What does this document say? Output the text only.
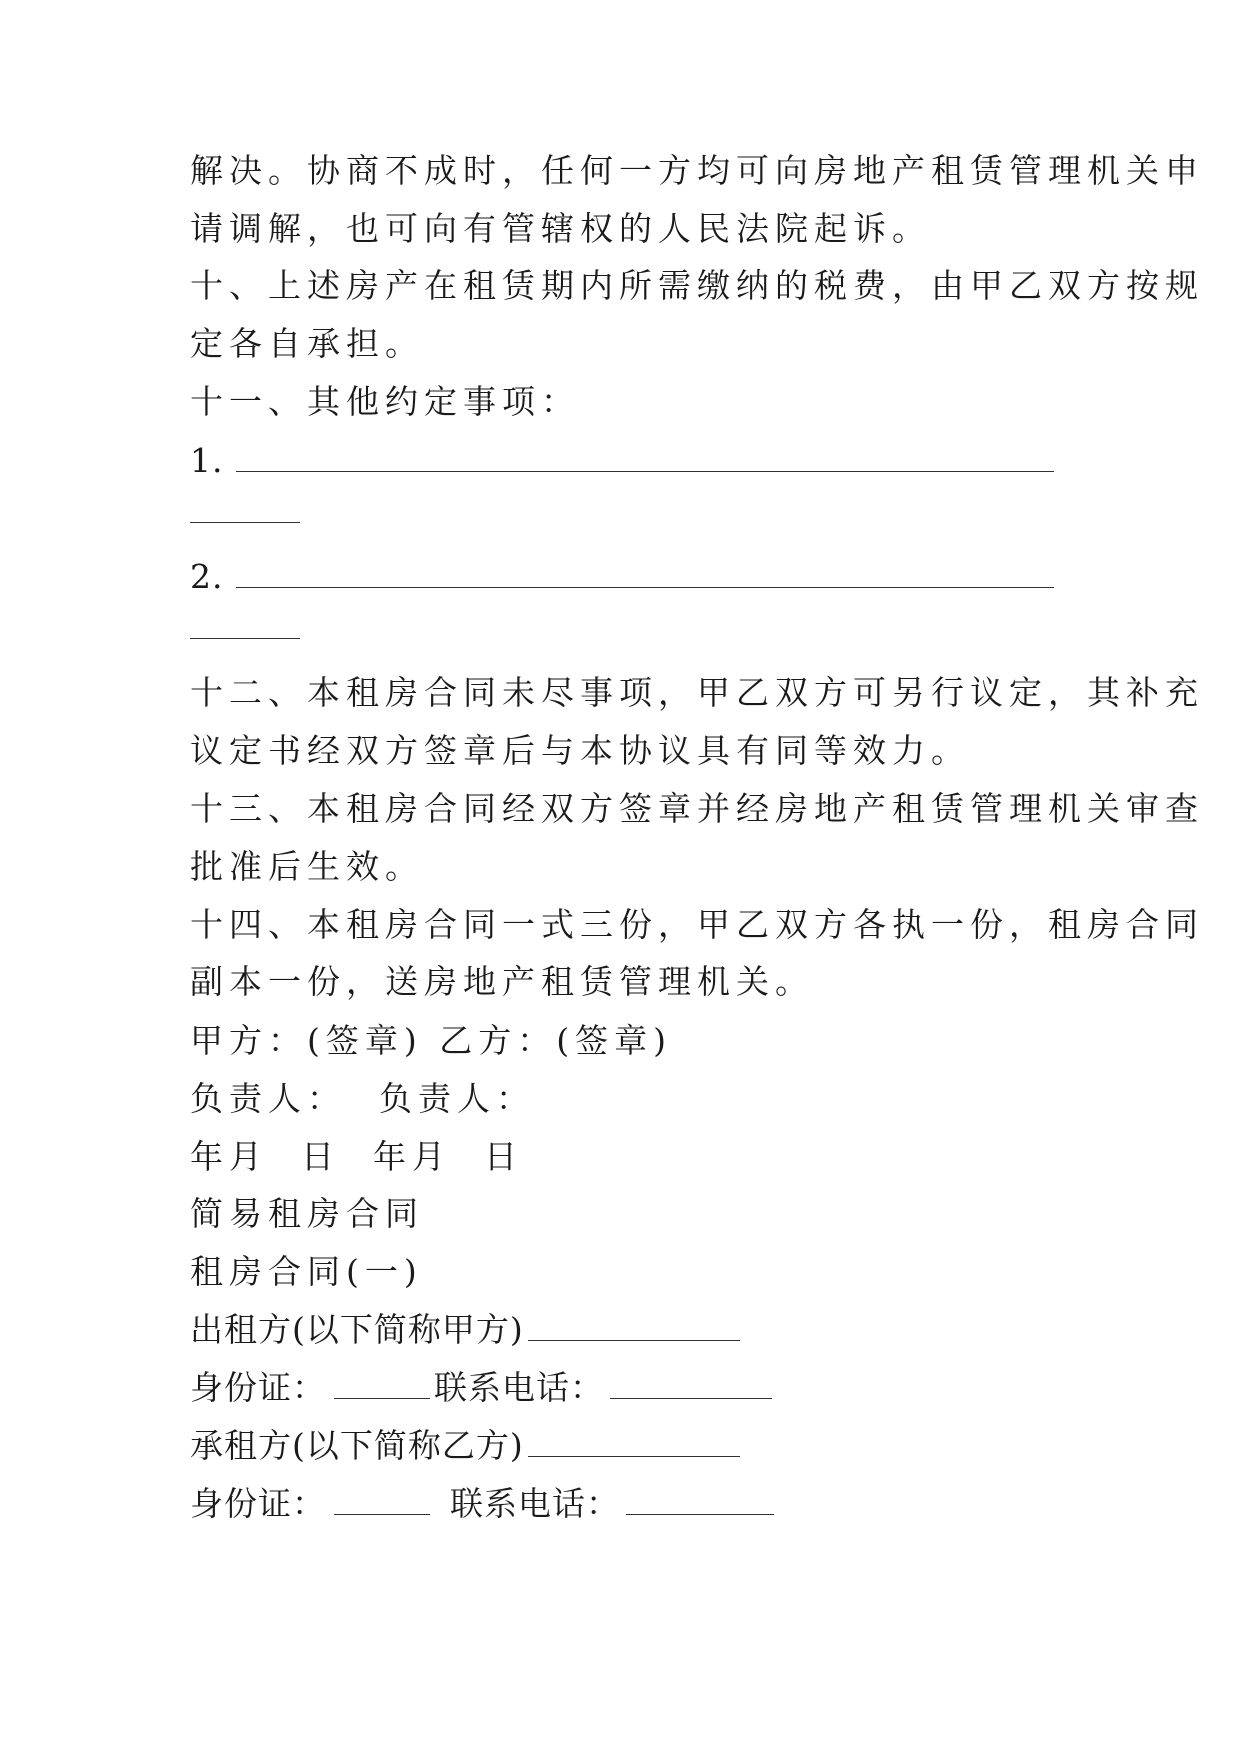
解决。协商不成时，任何一方均可向房地产租赁管理机关申
请调解，也可向有管辖权的人民法院起诉。
十、上述房产在租赁期内所需缴纳的税费，由甲乙双方按规
定各自承担。
十一、其他约定事项：
1.
2.
十二、本租房合同未尽事项，甲乙双方可另行议定，其补充
议定书经双方签章后与本协议具有同等效力。
十三、本租房合同经双方签章并经房地产租赁管理机关审查
批准后生效。
十四、本租房合同一式三份，甲乙双方各执一份，租房合同
副本一份，送房地产租赁管理机关。
甲方：(签章) 乙方：(签章)
负责人：  负责人：
年月  日  年月  日
简易租房合同
租房合同(一)
出租方(以下简称甲方)
身份证：	联系电话：
承租方(以下简称乙方)
身份证：	联系电话：
